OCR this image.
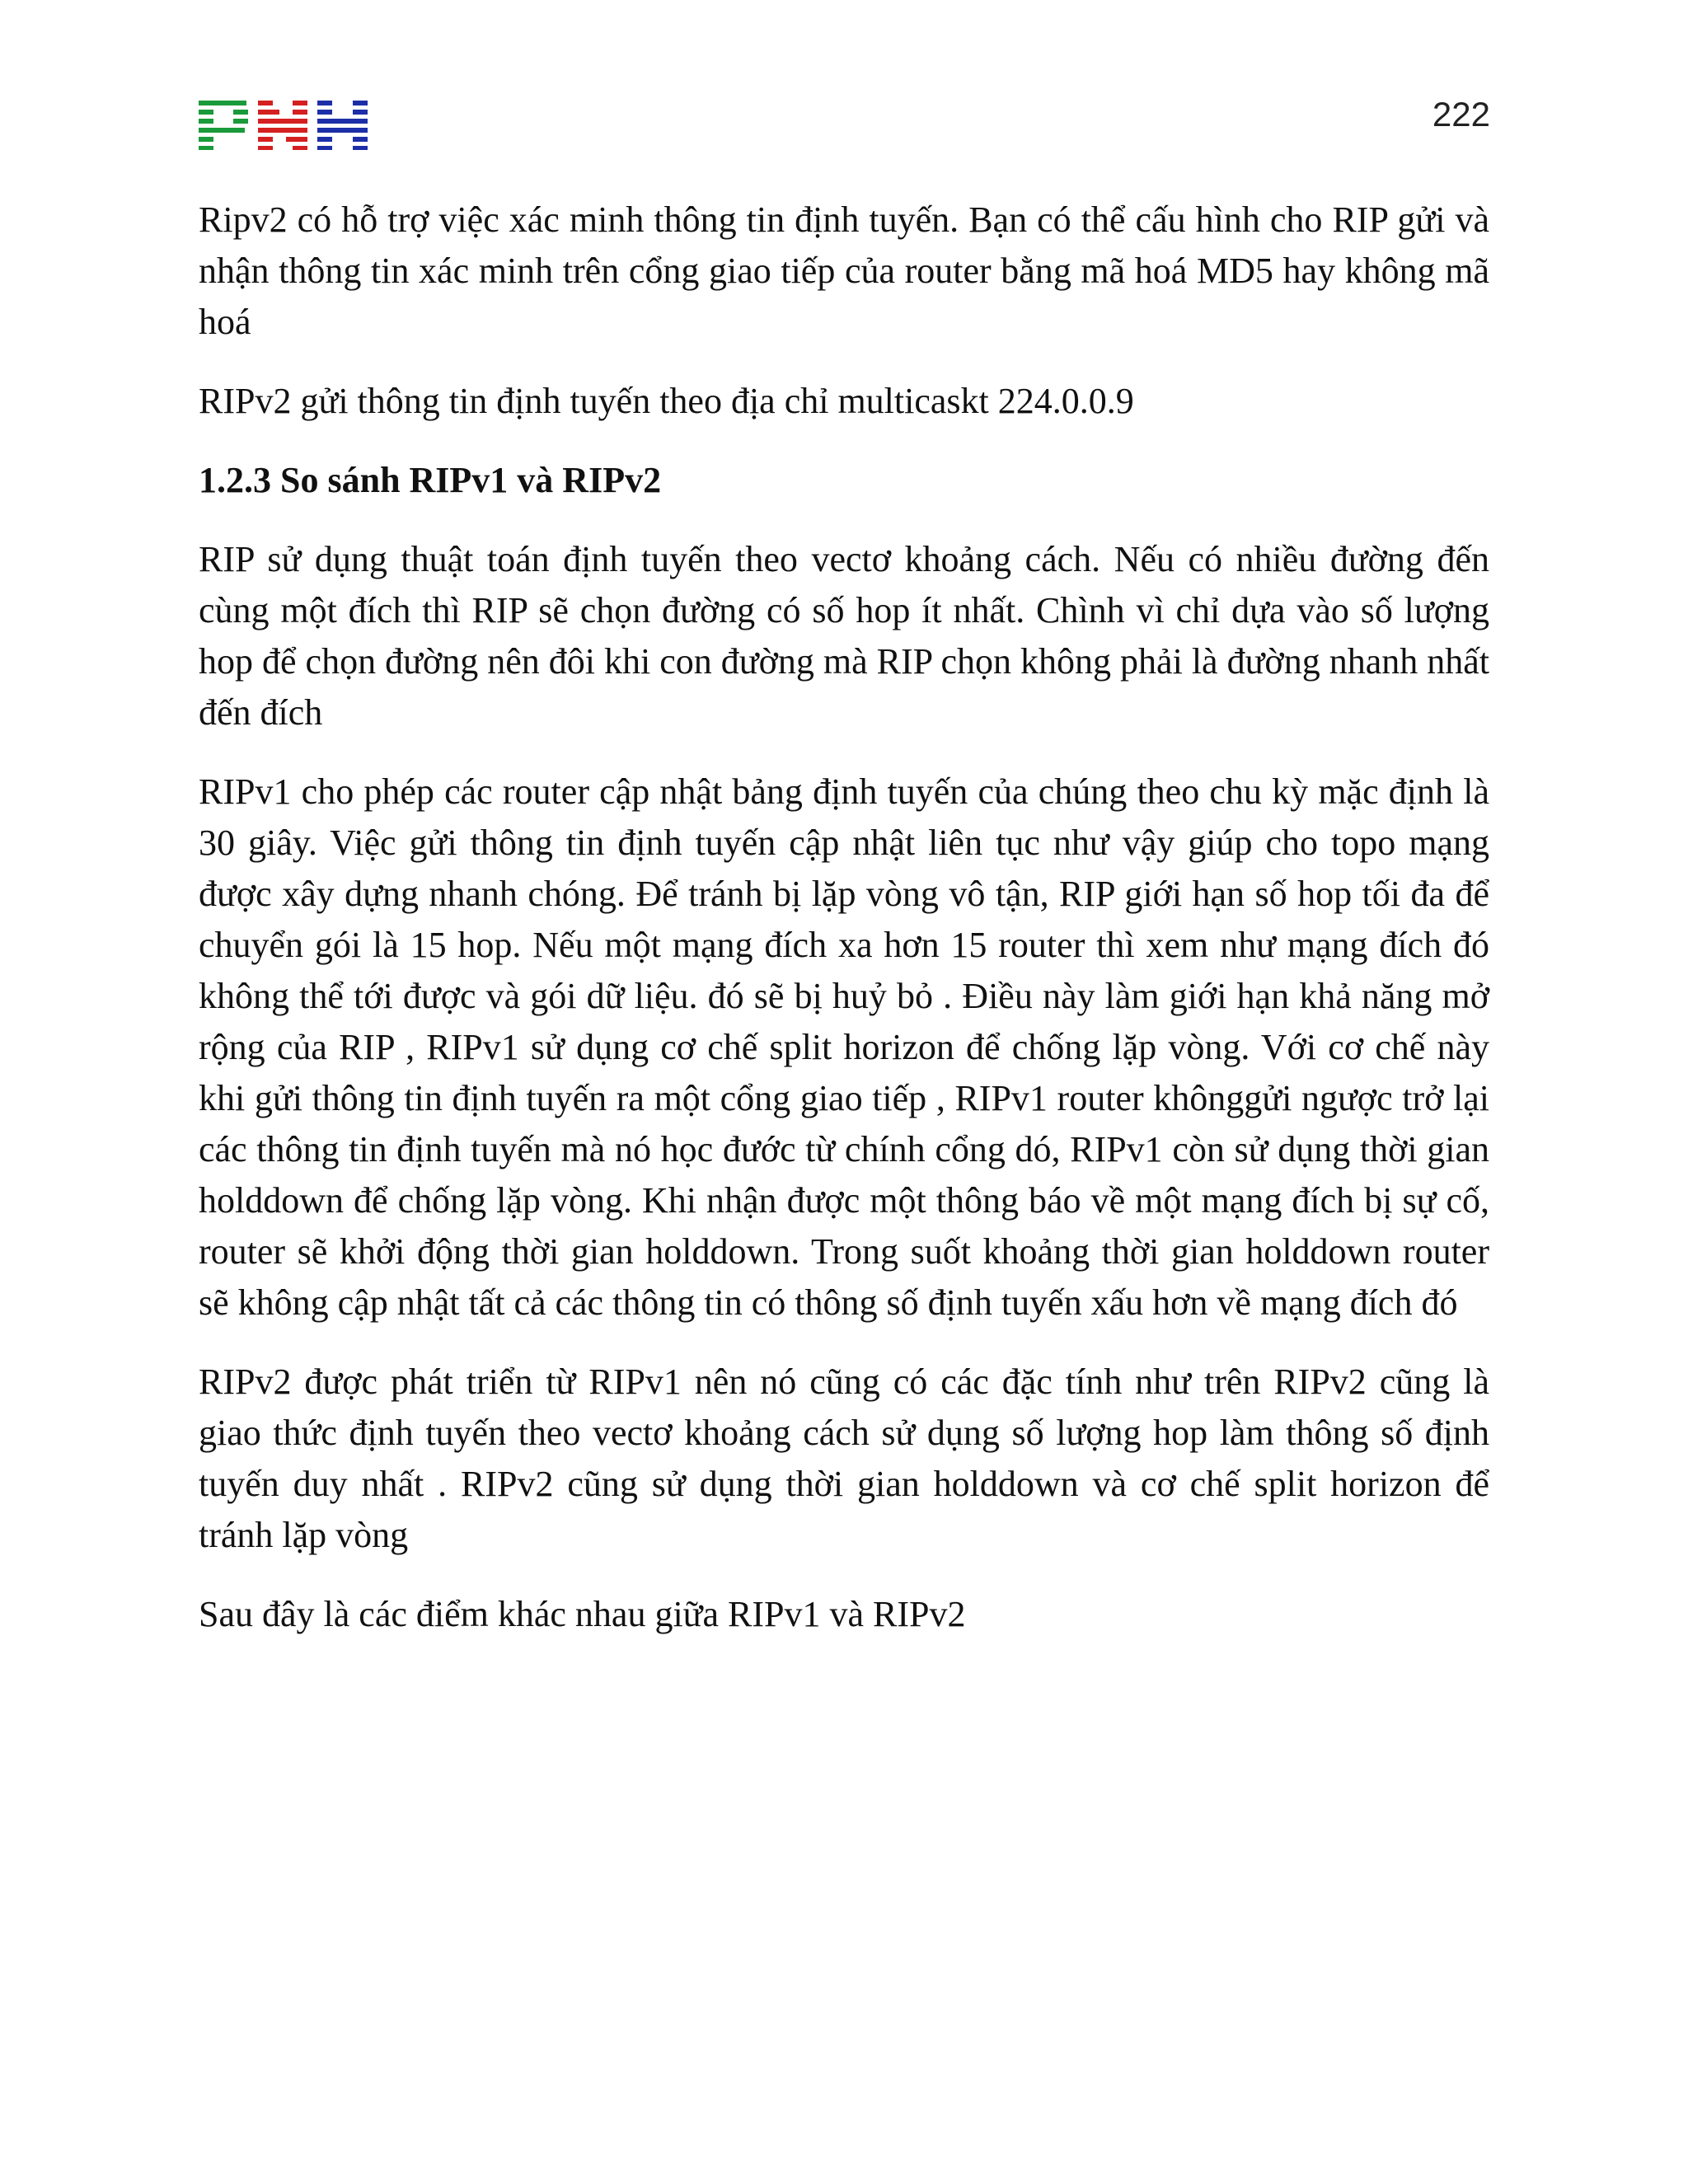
222

Ripv2 có hỗ trợ việc xác minh thông tin định tuyến. Bạn có thể cấu hình cho RIP gửi và nhận thông tin xác minh trên cổng giao tiếp của router bằng mã hoá MD5 hay không mã hoá

RIPv2 gửi thông tin định tuyến theo địa chỉ multicaskt 224.0.0.9

1.2.3 So sánh RIPv1 và RIPv2

RIP sử dụng thuật toán định tuyến theo vectơ khoảng cách. Nếu có nhiều đường đến cùng một đích thì RIP sẽ chọn đường có số hop ít nhất. Chình vì chỉ dựa vào số lượng hop để chọn đường nên đôi khi con đường mà RIP chọn không phải là đường nhanh nhất đến đích

RIPv1 cho phép các router cập nhật bảng định tuyến của chúng theo chu kỳ mặc định là 30 giây. Việc gửi thông tin định tuyến cập nhật liên tục như vậy giúp cho topo mạng được xây dựng nhanh chóng. Để tránh bị lặp vòng vô tận, RIP giới hạn số hop tối đa để chuyển gói là 15 hop. Nếu một mạng đích xa hơn 15 router thì xem như mạng đích đó không thể tới được và gói dữ liệu. đó sẽ bị huỷ bỏ . Điều này làm giới hạn khả năng mở rộng của RIP , RIPv1 sử dụng cơ chế split horizon để chống lặp vòng. Với cơ chế này khi gửi thông tin định tuyến ra một cổng giao tiếp , RIPv1 router khônggửi ngược trở lại các thông tin định tuyến mà nó học đước từ chính cổng dó, RIPv1 còn sử dụng thời gian holddown để chống lặp vòng. Khi nhận được một thông báo về một mạng đích bị sự cố, router sẽ khởi động thời gian holddown. Trong suốt khoảng thời gian holddown router sẽ không cập nhật tất cả các thông tin có thông số định tuyến xấu hơn về mạng đích đó

RIPv2 được phát triển từ RIPv1 nên nó cũng có các đặc tính như trên RIPv2 cũng là giao thức định tuyến theo vectơ khoảng cách sử dụng số lượng hop làm thông số định tuyến duy nhất . RIPv2 cũng sử dụng thời gian holddown và cơ chế split horizon để tránh lặp vòng

Sau đây là các điểm khác nhau giữa RIPv1 và RIPv2
